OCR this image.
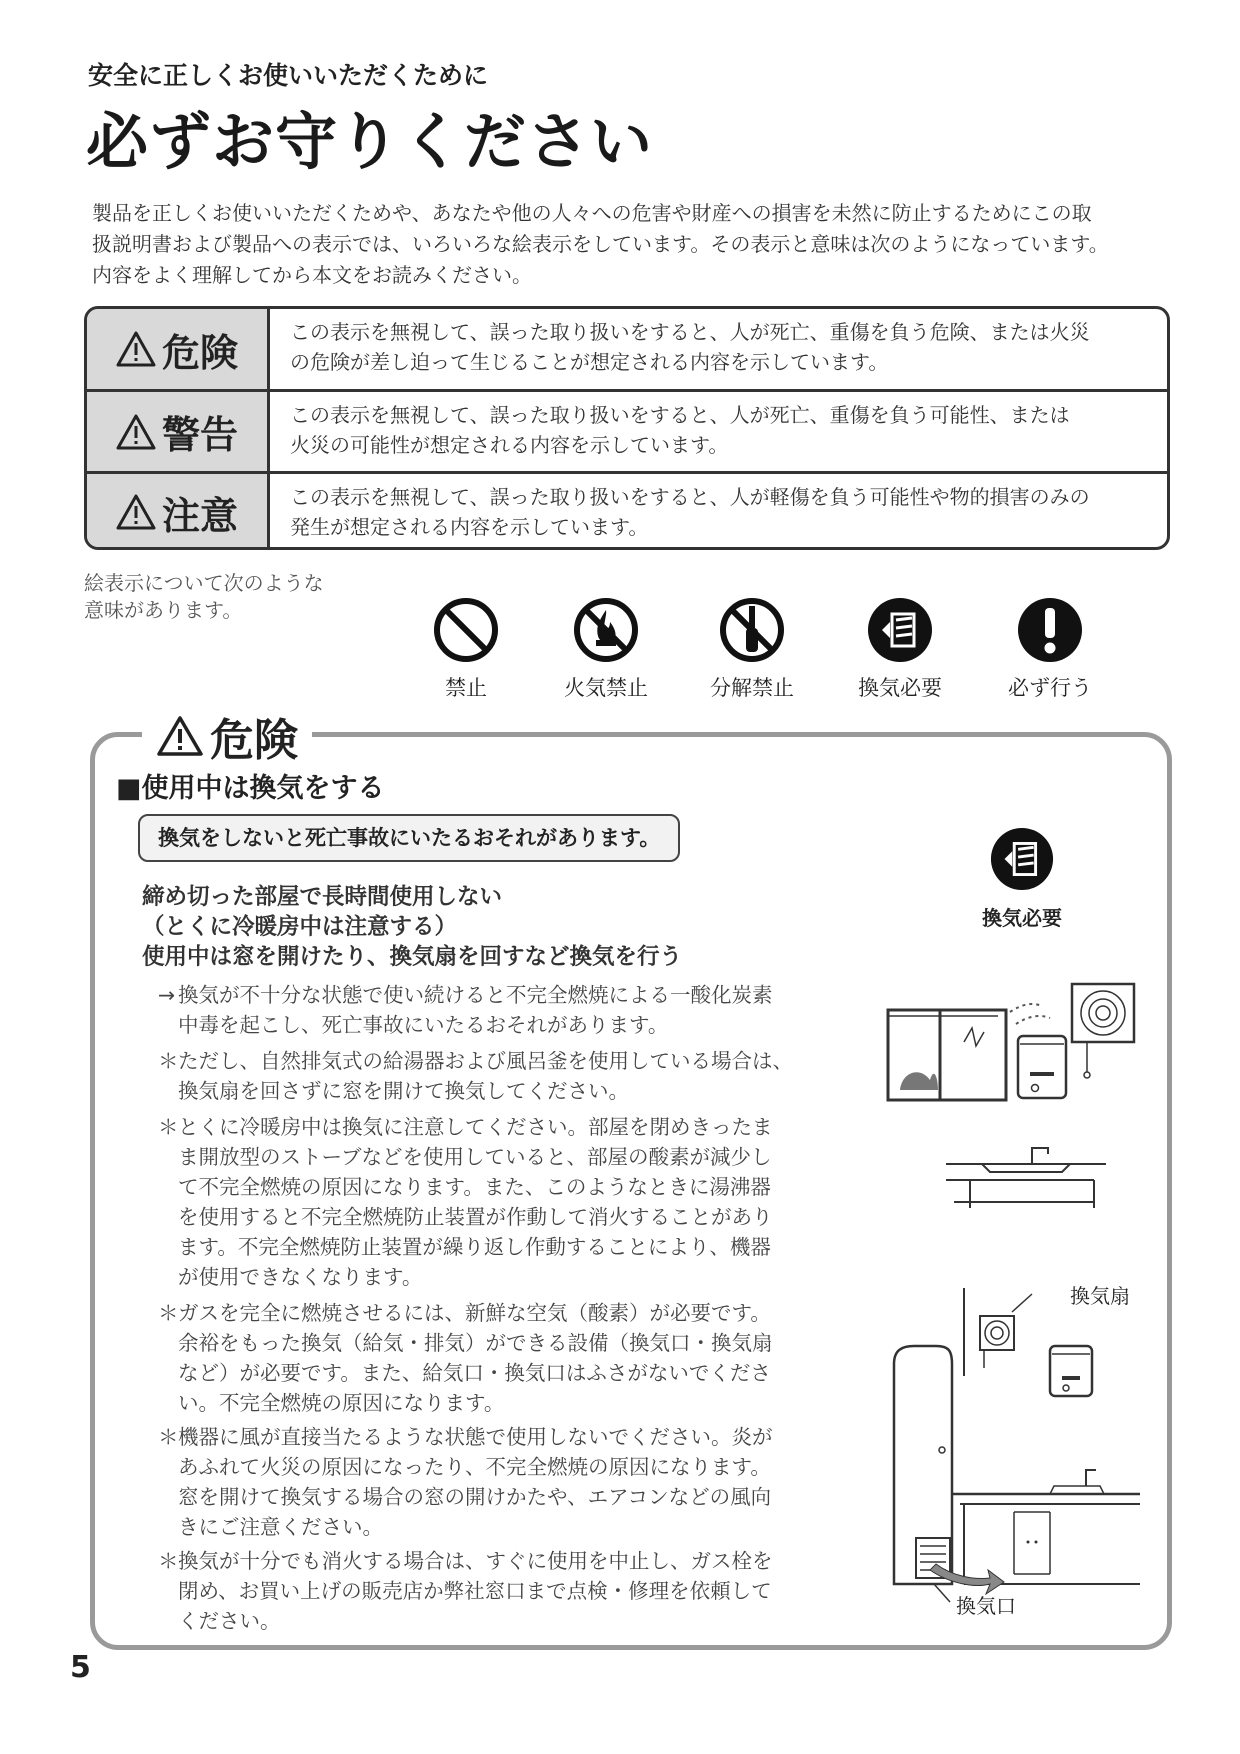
安全に正しくお使いいただくために
必ずお守りください
製品を正しくお使いいただくためや、あなたや他の人々への危害や財産への損害を未然に防止するためにこの取
扱説明書および製品への表示では、いろいろな絵表示をしています。その表示と意味は次のようになっています。
内容をよく理解してから本文をお読みください。
危険	この表示を無視して、誤った取り扱いをすると、人が死亡、重傷を負う危険、または火災
の危険が差し迫って生じることが想定される内容を示しています。
警告	この表示を無視して、誤った取り扱いをすると、人が死亡、重傷を負う可能性、または
火災の可能性が想定される内容を示しています。
注意	この表示を無視して、誤った取り扱いをすると、人が軽傷を負う可能性や物的損害のみの
発生が想定される内容を示しています。
絵表示について次のような
意味があります。
禁止	火気禁止	分解禁止	換気必要	必ず行う
危険
■使用中は換気をする
換気をしないと死亡事故にいたるおそれがあります。
締め切った部屋で長時間使用しない
（とくに冷暖房中は注意する）
使用中は窓を開けたり、換気扇を回すなど換気を行う
→ 換気が不十分な状態で使い続けると不完全燃焼による一酸化炭素
中毒を起こし、死亡事故にいたるおそれがあります。
＊ ただし、自然排気式の給湯器および風呂釜を使用している場合は、
換気扇を回さずに窓を開けて換気してください。
＊ とくに冷暖房中は換気に注意してください。部屋を閉めきったま
ま開放型のストーブなどを使用していると、部屋の酸素が減少し
て不完全燃焼の原因になります。また、このようなときに湯沸器
を使用すると不完全燃焼防止装置が作動して消火することがあり
ます。不完全燃焼防止装置が繰り返し作動することにより、機器
が使用できなくなります。
＊ ガスを完全に燃焼させるには、新鮮な空気（酸素）が必要です。
余裕をもった換気（給気・排気）ができる設備（換気口・換気扇
など）が必要です。また、給気口・換気口はふさがないでくださ
い。不完全燃焼の原因になります。
＊ 機器に風が直接当たるような状態で使用しないでください。炎が
あふれて火災の原因になったり、不完全燃焼の原因になります。
窓を開けて換気する場合の窓の開けかたや、エアコンなどの風向
きにご注意ください。
＊ 換気が十分でも消火する場合は、すぐに使用を中止し、ガス栓を
閉め、お買い上げの販売店か弊社窓口まで点検・修理を依頼して
ください。
換気必要
換気扇
換気口
5
